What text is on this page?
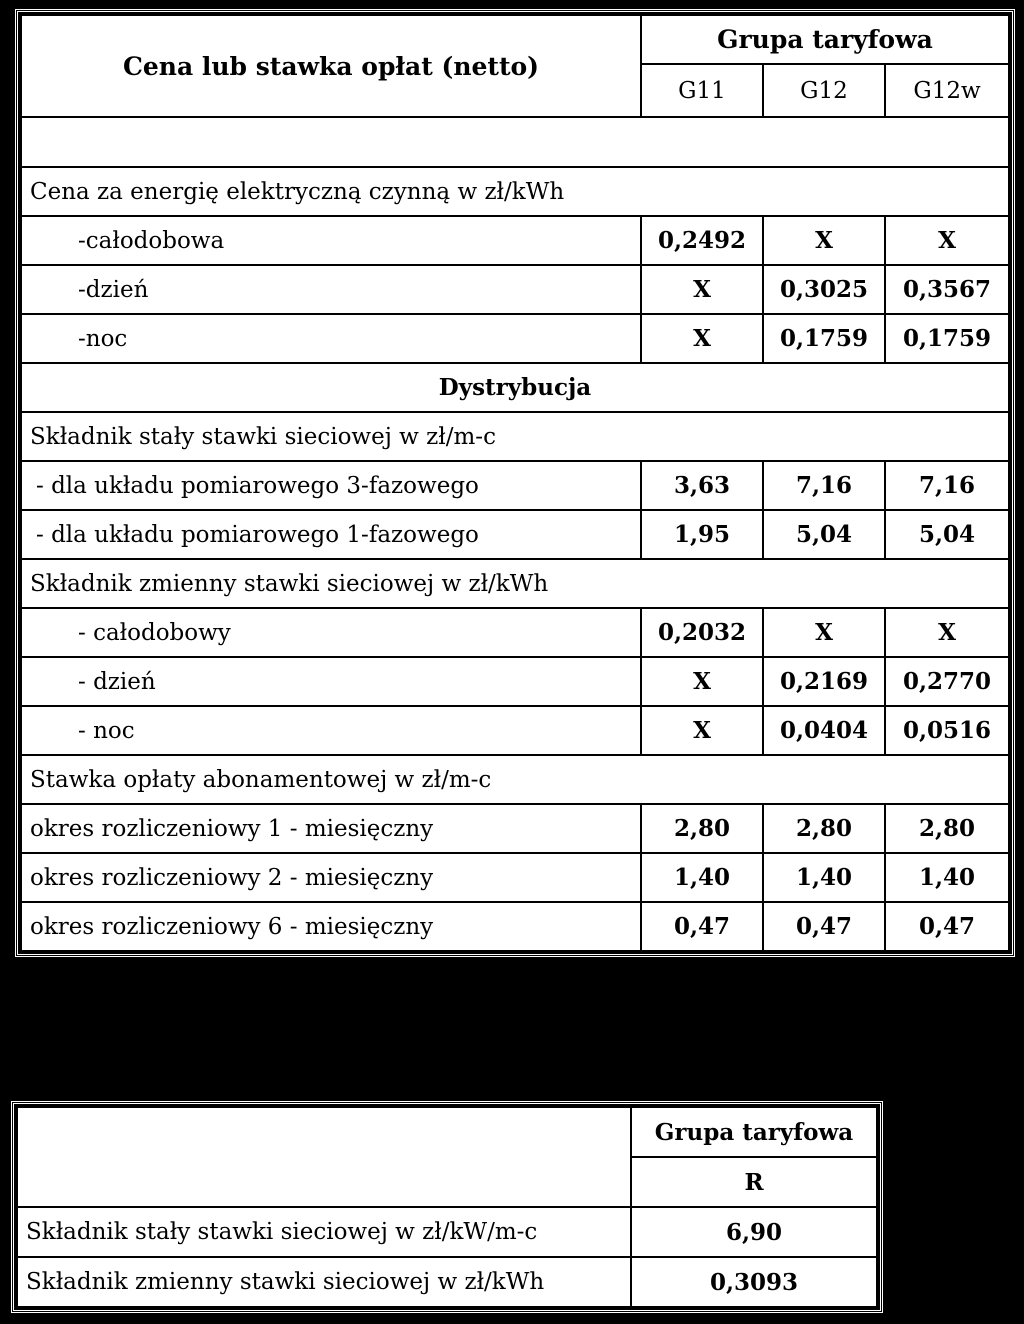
Cena lub stawka opłat (netto)	Grupa taryfowa		
	G11	G12	G12w

Cena za energię elektryczną czynną w zł/kWh			
-całodobowa	0,2492	X	X
-dzień	X	0,3025	0,3567
-noc	X	0,1759	0,1759
Dystrybucja			
Składnik stały stawki sieciowej w zł/m-c			
- dla układu pomiarowego 3-fazowego	3,63	7,16	7,16
- dla układu pomiarowego 1-fazowego	1,95	5,04	5,04
Składnik zmienny stawki sieciowej w zł/kWh			
- całodobowy	0,2032	X	X
- dzień	X	0,2169	0,2770
- noc	X	0,0404	0,0516
Stawka opłaty abonamentowej w zł/m-c			
okres rozliczeniowy 1 - miesięczny	2,80	2,80	2,80
okres rozliczeniowy 2 - miesięczny	1,40	1,40	1,40
okres rozliczeniowy 6 - miesięczny	0,47	0,47	0,47
	Grupa taryfowa
	R
Składnik stały stawki sieciowej w zł/kW/m-c	6,90
Składnik zmienny stawki sieciowej w zł/kWh	0,3093
